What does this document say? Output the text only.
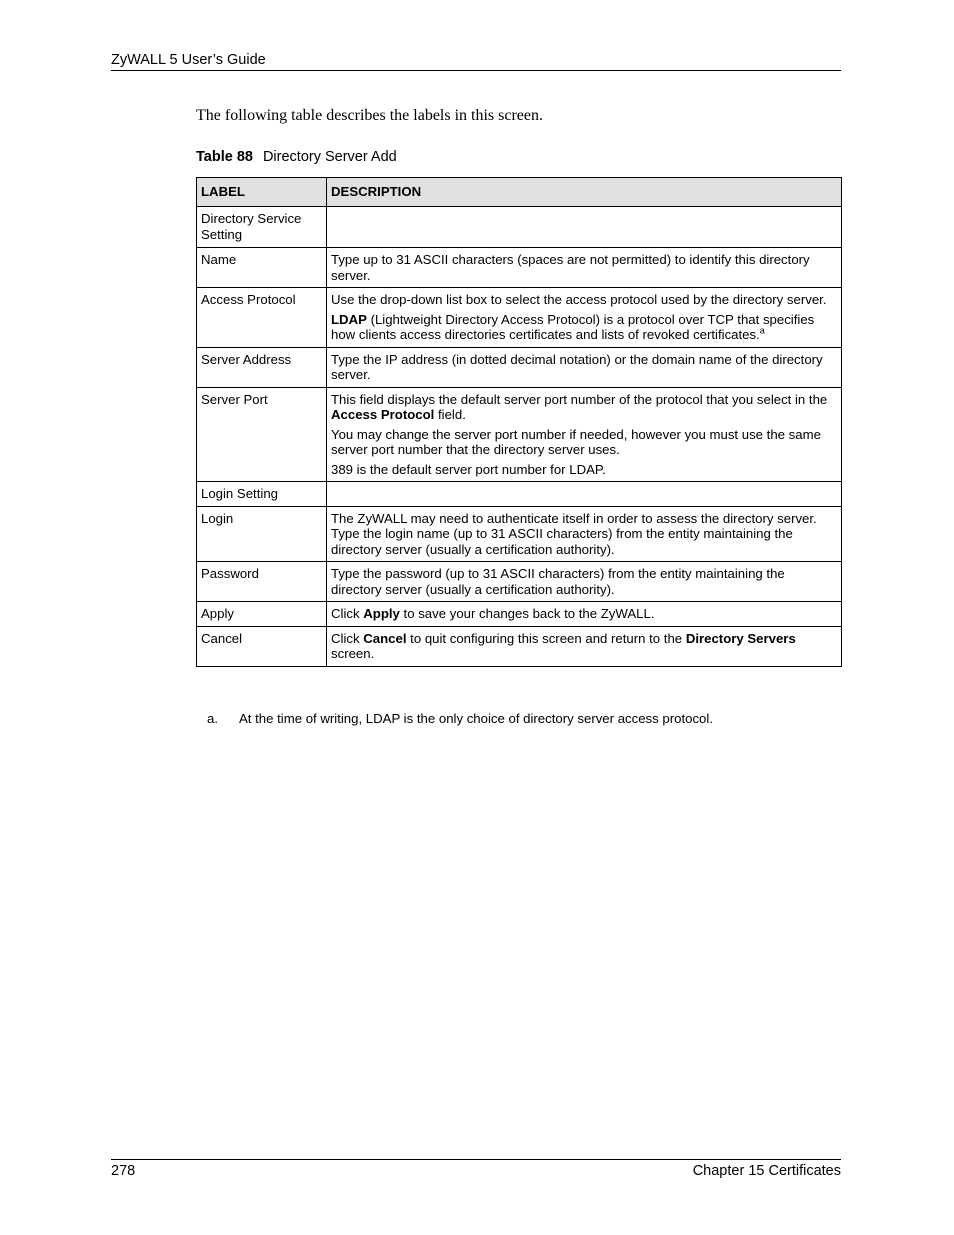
ZyWALL 5 User’s Guide
The following table describes the labels in this screen.
Table 88 Directory Server Add
LABEL	DESCRIPTION
Directory Service Setting	
Name	Type up to 31 ASCII characters (spaces are not permitted) to identify this directory server.
Access Protocol	Use the drop-down list box to select the access protocol used by the directory server.

LDAP (Lightweight Directory Access Protocol) is a protocol over TCP that specifies how clients access directories certificates and lists of revoked certificates.$^a$

Server Address	Type the IP address (in dotted decimal notation) or the domain name of the directory server.
Server Port	This field displays the default server port number of the protocol that you select in the Access Protocol field.

You may change the server port number if needed, however you must use the same server port number that the directory server uses.

389 is the default server port number for LDAP.

Login Setting	
Login	The ZyWALL may need to authenticate itself in order to assess the directory server. Type the login name (up to 31 ASCII characters) from the entity maintaining the directory server (usually a certification authority).
Password	Type the password (up to 31 ASCII characters) from the entity maintaining the directory server (usually a certification authority).
Apply	Click Apply to save your changes back to the ZyWALL.
Cancel	Click Cancel to quit configuring this screen and return to the Directory Servers screen.
a. At the time of writing, LDAP is the only choice of directory server access protocol.
278	Chapter 15 Certificates
